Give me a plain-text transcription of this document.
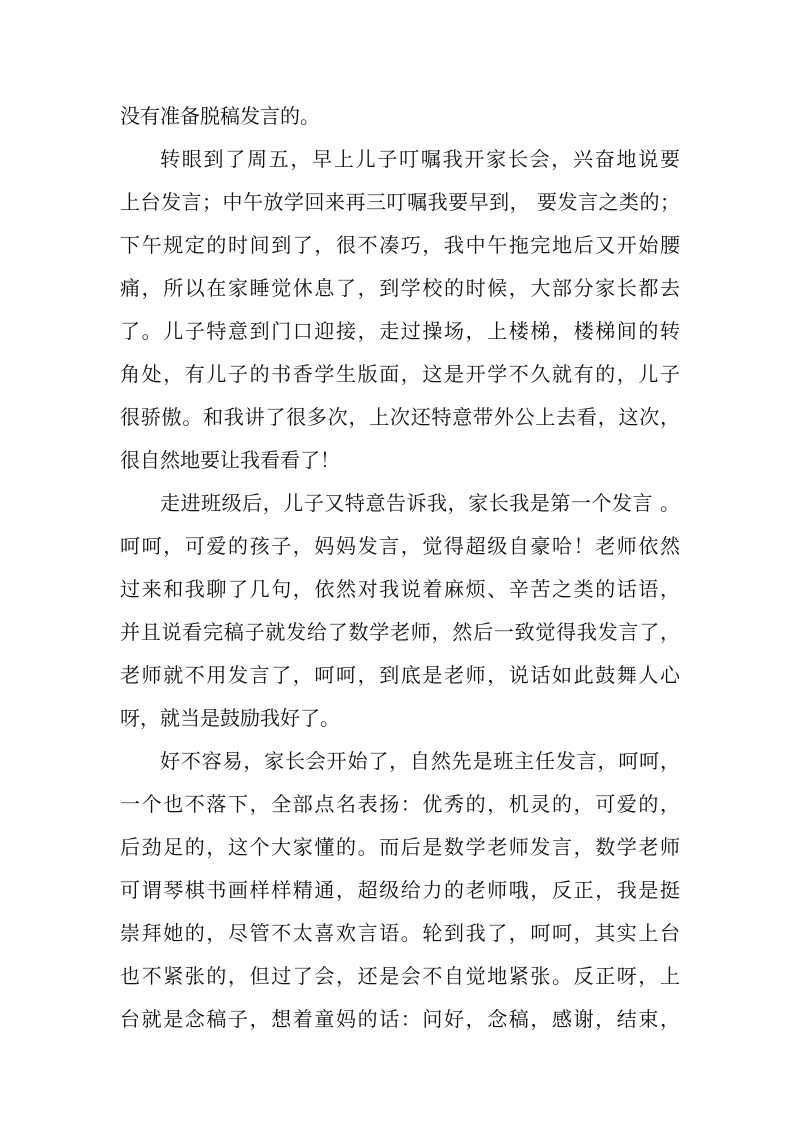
没有准备脱稿发言的。
转眼到了周五，早上儿子叮嘱我开家长会，兴奋地说要
上台发言；中午放学回来再三叮嘱我要早到， 要发言之类的；
下午规定的时间到了，很不凑巧，我中午拖完地后又开始腰
痛，所以在家睡觉休息了，到学校的时候，大部分家长都去
了。儿子特意到门口迎接，走过操场，上楼梯，楼梯间的转
角处，有儿子的书香学生版面，这是开学不久就有的，儿子
很骄傲。和我讲了很多次，上次还特意带外公上去看，这次，
很自然地要让我看看了！
走进班级后，儿子又特意告诉我，家长我是第一个发言 。
呵呵，可爱的孩子，妈妈发言，觉得超级自豪哈！老师依然
过来和我聊了几句，依然对我说着麻烦、辛苦之类的话语，
并且说看完稿子就发给了数学老师，然后一致觉得我发言了，
老师就不用发言了，呵呵，到底是老师，说话如此鼓舞人心
呀，就当是鼓励我好了。
好不容易，家长会开始了，自然先是班主任发言，呵呵，
一个也不落下，全部点名表扬：优秀的，机灵的，可爱的，
后劲足的，这个大家懂的。而后是数学老师发言，数学老师
可谓琴棋书画样样精通，超级给力的老师哦，反正，我是挺
崇拜她的，尽管不太喜欢言语。轮到我了，呵呵，其实上台
也不紧张的，但过了会，还是会不自觉地紧张。反正呀，上
台就是念稿子，想着童妈的话：问好，念稿，感谢，结束，
